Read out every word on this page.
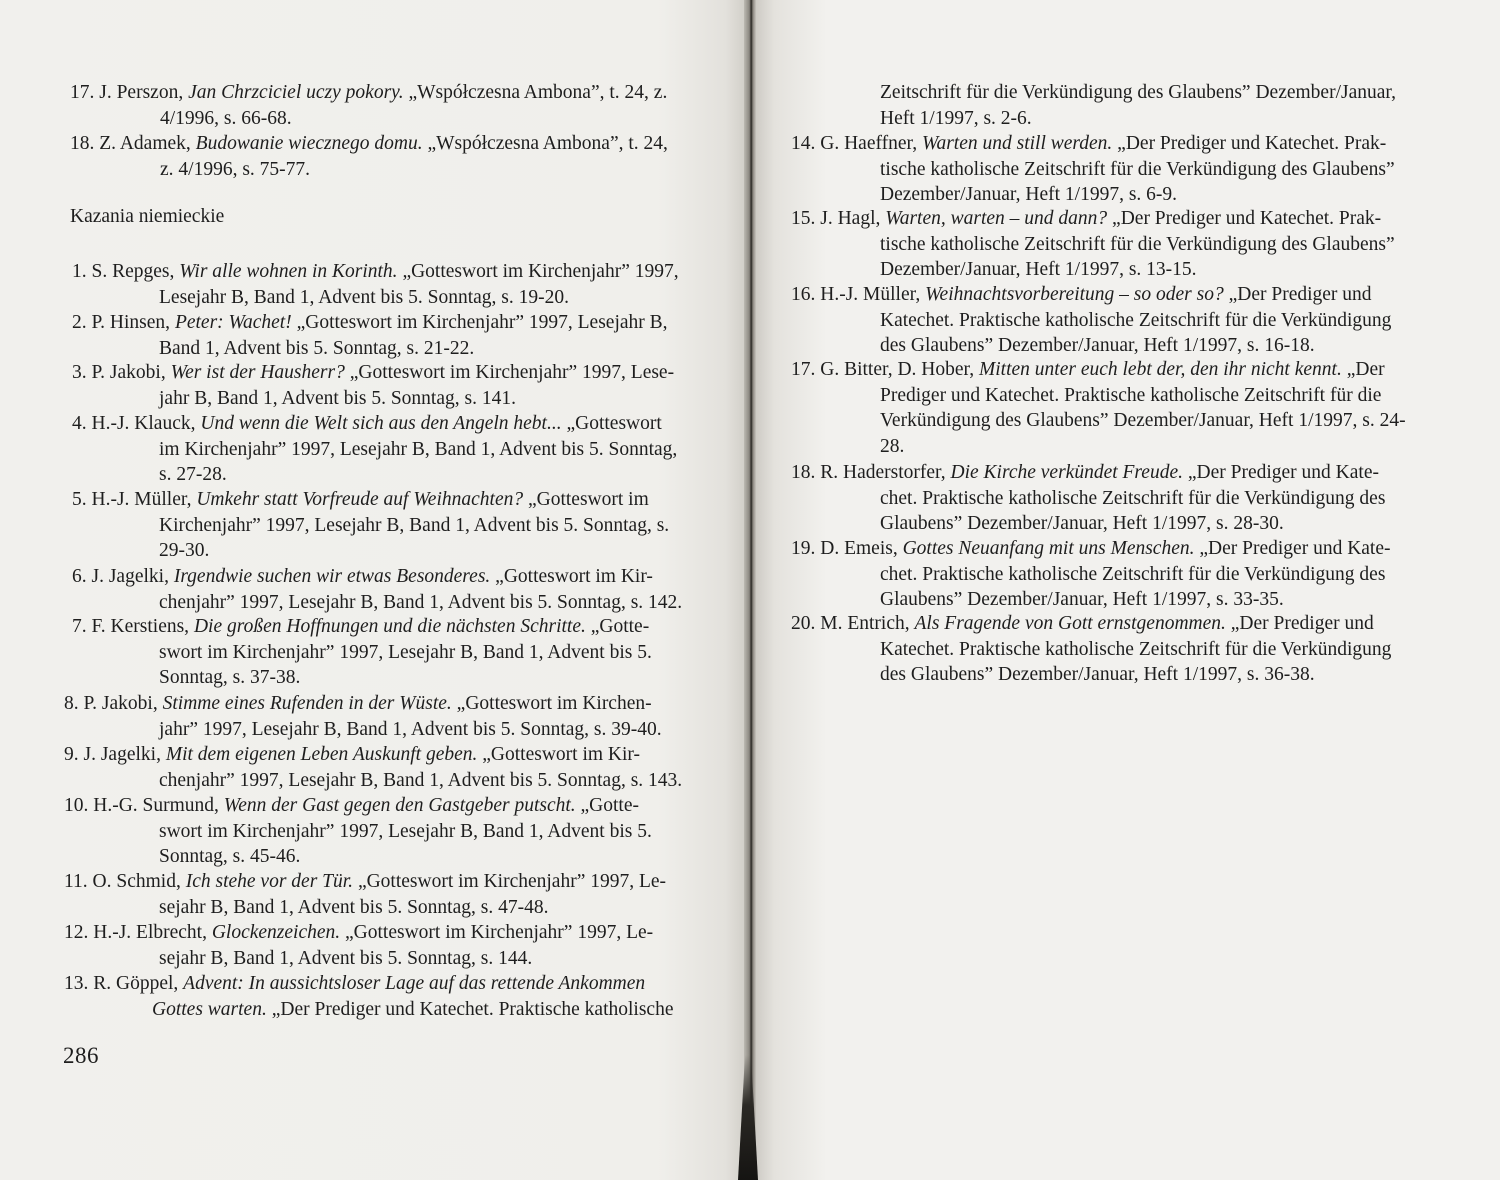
17. J. Perszon, Jan Chrzciciel uczy pokory. „Współczesna Ambona”, t. 24, z.
4/1996, s. 66-68.
18. Z. Adamek, Budowanie wiecznego domu. „Współczesna Ambona”, t. 24,
z. 4/1996, s. 75-77.
Kazania niemieckie
1. S. Repges, Wir alle wohnen in Korinth. „Gotteswort im Kirchenjahr” 1997,
Lesejahr B, Band 1, Advent bis 5. Sonntag, s. 19-20.
2. P. Hinsen, Peter: Wachet! „Gotteswort im Kirchenjahr” 1997, Lesejahr B,
Band 1, Advent bis 5. Sonntag, s. 21-22.
3. P. Jakobi, Wer ist der Hausherr? „Gotteswort im Kirchenjahr” 1997, Lese-
jahr B, Band 1, Advent bis 5. Sonntag, s. 141.
4. H.-J. Klauck, Und wenn die Welt sich aus den Angeln hebt... „Gotteswort
im Kirchenjahr” 1997, Lesejahr B, Band 1, Advent bis 5. Sonntag,
s. 27-28.
5. H.-J. Müller, Umkehr statt Vorfreude auf Weihnachten? „Gotteswort im
Kirchenjahr” 1997, Lesejahr B, Band 1, Advent bis 5. Sonntag, s.
29-30.
6. J. Jagelki, Irgendwie suchen wir etwas Besonderes. „Gotteswort im Kir-
chenjahr” 1997, Lesejahr B, Band 1, Advent bis 5. Sonntag, s. 142.
7. F. Kerstiens, Die großen Hoffnungen und die nächsten Schritte. „Gotte-
swort im Kirchenjahr” 1997, Lesejahr B, Band 1, Advent bis 5.
Sonntag, s. 37-38.
8. P. Jakobi, Stimme eines Rufenden in der Wüste. „Gotteswort im Kirchen-
jahr” 1997, Lesejahr B, Band 1, Advent bis 5. Sonntag, s. 39-40.
9. J. Jagelki, Mit dem eigenen Leben Auskunft geben. „Gotteswort im Kir-
chenjahr” 1997, Lesejahr B, Band 1, Advent bis 5. Sonntag, s. 143.
10. H.-G. Surmund, Wenn der Gast gegen den Gastgeber putscht. „Gotte-
swort im Kirchenjahr” 1997, Lesejahr B, Band 1, Advent bis 5.
Sonntag, s. 45-46.
11. O. Schmid, Ich stehe vor der Tür. „Gotteswort im Kirchenjahr” 1997, Le-
sejahr B, Band 1, Advent bis 5. Sonntag, s. 47-48.
12. H.-J. Elbrecht, Glockenzeichen. „Gotteswort im Kirchenjahr” 1997, Le-
sejahr B, Band 1, Advent bis 5. Sonntag, s. 144.
13. R. Göppel, Advent: In aussichtsloser Lage auf das rettende Ankommen
Gottes warten. „Der Prediger und Katechet. Praktische katholische
286
Zeitschrift für die Verkündigung des Glaubens” Dezember/Januar,
Heft 1/1997, s. 2-6.
14. G. Haeffner, Warten und still werden. „Der Prediger und Katechet. Prak-
tische katholische Zeitschrift für die Verkündigung des Glaubens”
Dezember/Januar, Heft 1/1997, s. 6-9.
15. J. Hagl, Warten, warten – und dann? „Der Prediger und Katechet. Prak-
tische katholische Zeitschrift für die Verkündigung des Glaubens”
Dezember/Januar, Heft 1/1997, s. 13-15.
16. H.-J. Müller, Weihnachtsvorbereitung – so oder so? „Der Prediger und
Katechet. Praktische katholische Zeitschrift für die Verkündigung
des Glaubens” Dezember/Januar, Heft 1/1997, s. 16-18.
17. G. Bitter, D. Hober, Mitten unter euch lebt der, den ihr nicht kennt. „Der
Prediger und Katechet. Praktische katholische Zeitschrift für die
Verkündigung des Glaubens” Dezember/Januar, Heft 1/1997, s. 24-
28.
18. R. Haderstorfer, Die Kirche verkündet Freude. „Der Prediger und Kate-
chet. Praktische katholische Zeitschrift für die Verkündigung des
Glaubens” Dezember/Januar, Heft 1/1997, s. 28-30.
19. D. Emeis, Gottes Neuanfang mit uns Menschen. „Der Prediger und Kate-
chet. Praktische katholische Zeitschrift für die Verkündigung des
Glaubens” Dezember/Januar, Heft 1/1997, s. 33-35.
20. M. Entrich, Als Fragende von Gott ernstgenommen. „Der Prediger und
Katechet. Praktische katholische Zeitschrift für die Verkündigung
des Glaubens” Dezember/Januar, Heft 1/1997, s. 36-38.
